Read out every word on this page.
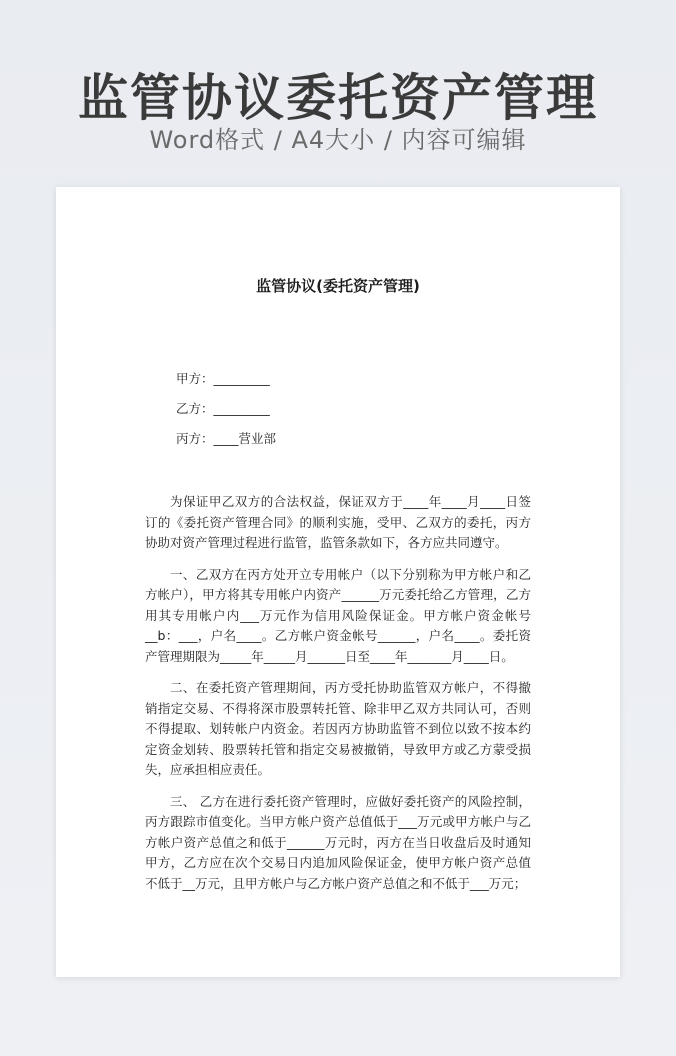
监管协议委托资产管理
Word格式 / A4大小 / 内容可编辑
监管协议(委托资产管理)
甲方：_________
乙方：_________
丙方：____营业部

为保证甲乙双方的合法权益，保证双方于____年____月____日签订的《委托资产管理合同》的顺利实施，受甲、乙双方的委托，丙方协助对资产管理过程进行监管，监管条款如下，各方应共同遵守。

一、乙双方在丙方处开立专用帐户（以下分别称为甲方帐户和乙方帐户），甲方将其专用帐户内资产______万元委托给乙方管理，乙方用其专用帐户内___万元作为信用风险保证金。甲方帐户资金帐号__b：___，户名____。乙方帐户资金帐号______，户名____。委托资产管理期限为_____年_____月______日至____年_______月____日。

二、在委托资产管理期间，丙方受托协助监管双方帐户，不得撤销指定交易、不得将深市股票转托管、除非甲乙双方共同认可，否则不得提取、划转帐户内资金。若因丙方协助监管不到位以致不按本约定资金划转、股票转托管和指定交易被撤销，导致甲方或乙方蒙受损失，应承担相应责任。

三、 乙方在进行委托资产管理时，应做好委托资产的风险控制，丙方跟踪市值变化。当甲方帐户资产总值低于___万元或甲方帐户与乙方帐户资产总值之和低于______万元时，丙方在当日收盘后及时通知甲方，乙方应在次个交易日内追加风险保证金，使甲方帐户资产总值不低于__万元，且甲方帐户与乙方帐户资产总值之和不低于___万元；
